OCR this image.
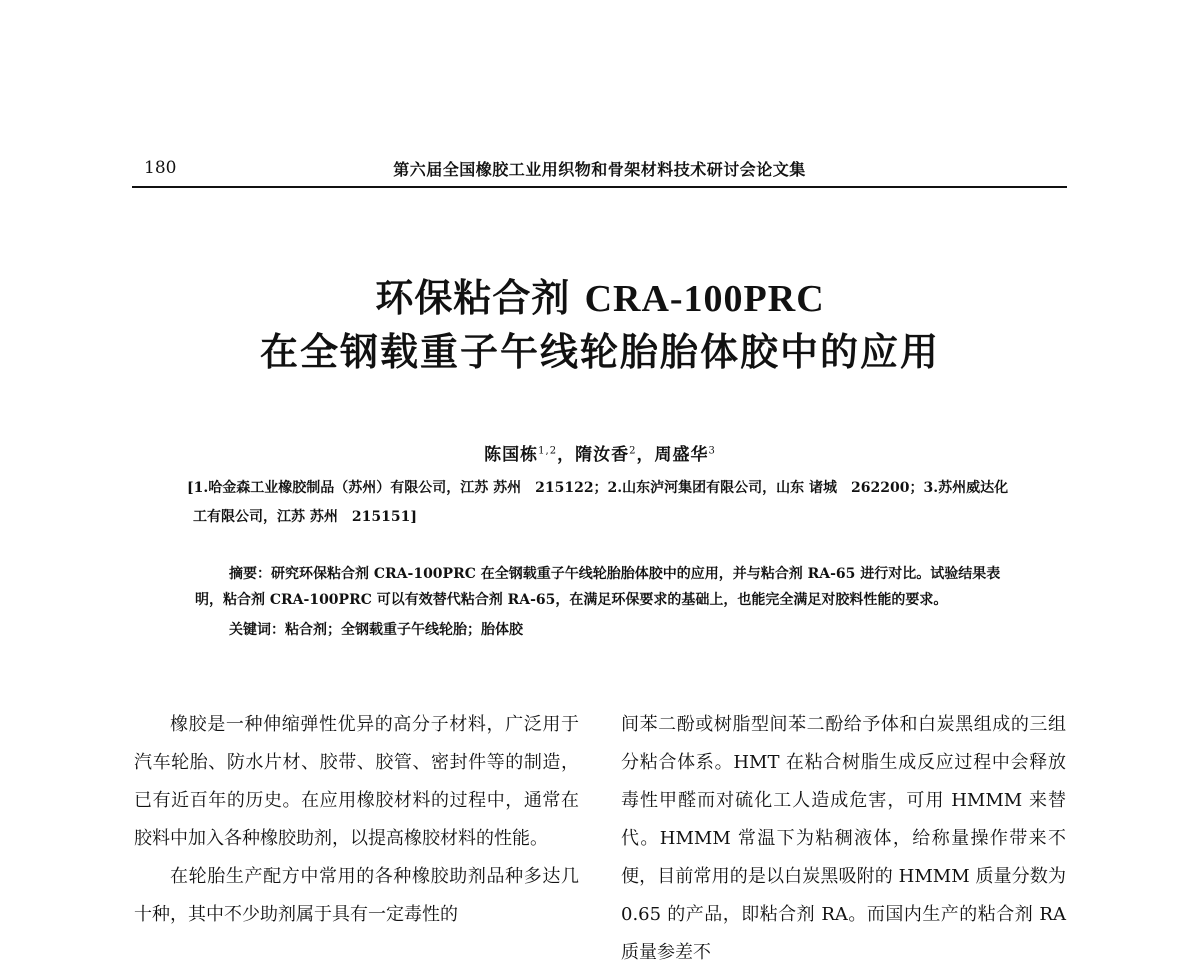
180	第六届全国橡胶工业用织物和骨架材料技术研讨会论文集
环保粘合剂 CRA-100PRC
在全钢载重子午线轮胎胎体胶中的应用
陈国栋$^{1,2}$，隋汝香$^2$，周盛华$^3$
[1.哈金森工业橡胶制品（苏州）有限公司，江苏 苏州　215122；2.山东泸河集团有限公司，山东 诸城　262200；3.苏州威达化工有限公司，江苏 苏州　215151]
摘要：研究环保粘合剂 CRA-100PRC 在全钢载重子午线轮胎胎体胶中的应用，并与粘合剂 RA-65 进行对比。试验结果表明，粘合剂 CRA-100PRC 可以有效替代粘合剂 RA-65，在满足环保要求的基础上，也能完全满足对胶料性能的要求。
关键词：粘合剂；全钢载重子午线轮胎；胎体胶

橡胶是一种伸缩弹性优异的高分子材料，广泛用于汽车轮胎、防水片材、胶带、胶管、密封件等的制造，已有近百年的历史。在应用橡胶材料的过程中，通常在胶料中加入各种橡胶助剂，以提高橡胶材料的性能。

在轮胎生产配方中常用的各种橡胶助剂品种多达几十种，其中不少助剂属于具有一定毒性的

间苯二酚或树脂型间苯二酚给予体和白炭黑组成的三组分粘合体系。HMT 在粘合树脂生成反应过程中会释放毒性甲醛而对硫化工人造成危害，可用 HMMM 来替代。HMMM 常温下为粘稠液体，给称量操作带来不便，目前常用的是以白炭黑吸附的 HMMM 质量分数为 0.65 的产品，即粘合剂 RA。而国内生产的粘合剂 RA 质量参差不
